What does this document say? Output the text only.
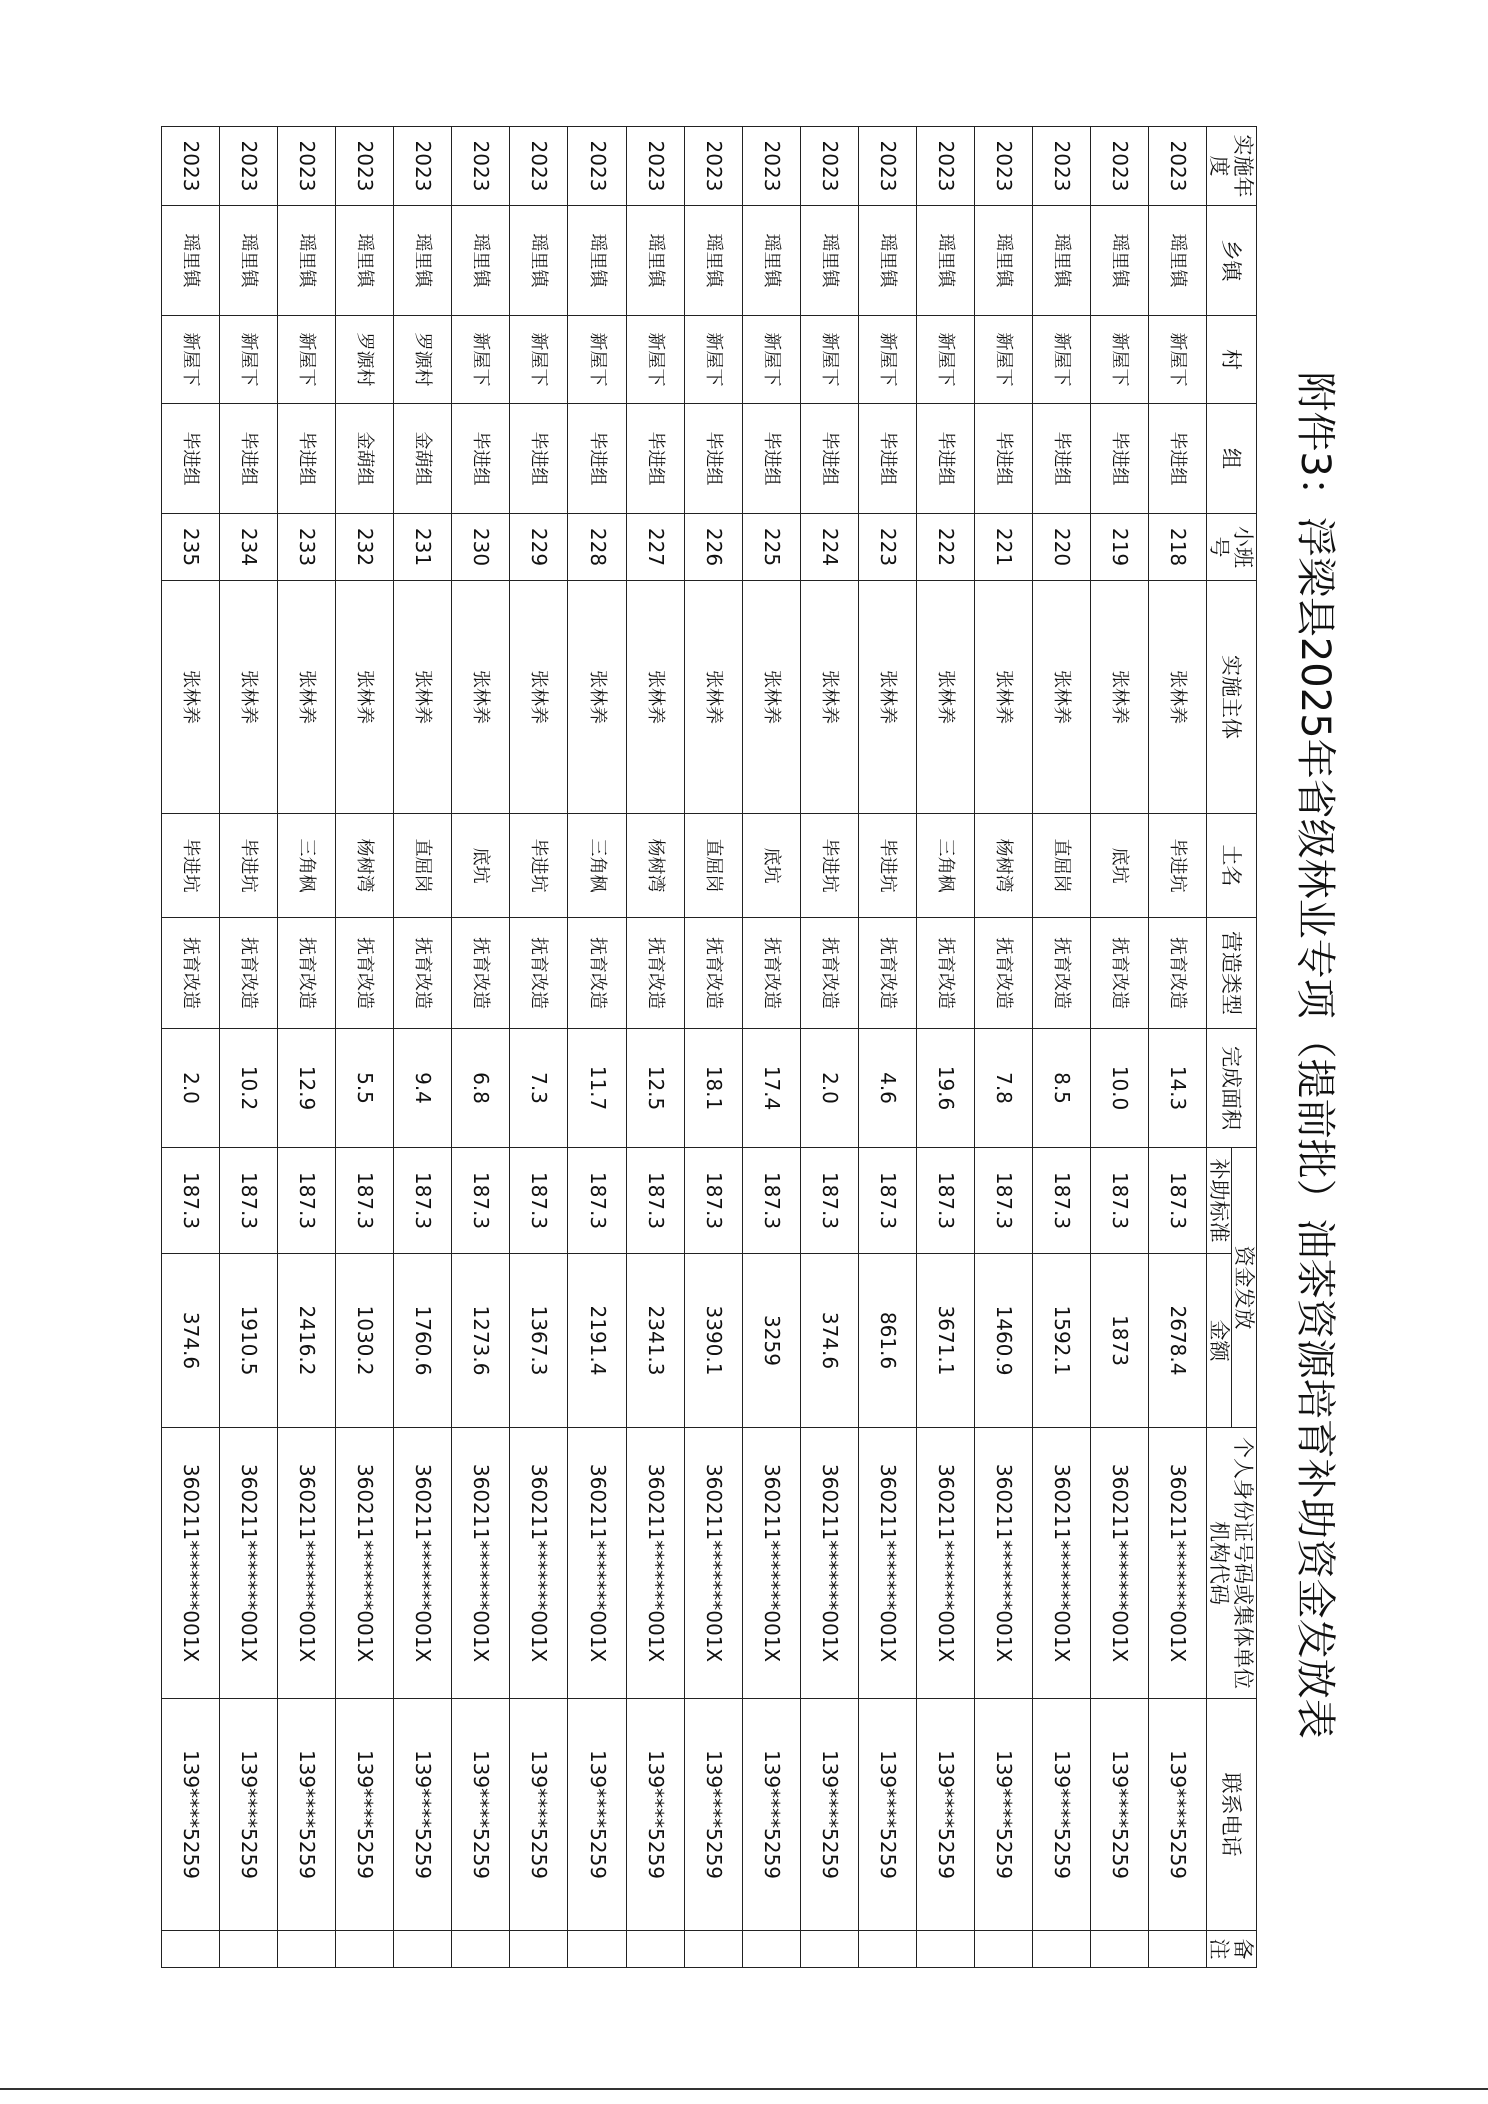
附件3：浮梁县2025年省级林业专项（提前批）油茶资源培育补助资金发放表
实施年度	乡镇	村	组	小班号	实施主体	土名	营造类型	完成面积	资金发放		个人身份证号码或集体单位机构代码	联系电话	备注
									补助标准	金额			
2023	瑶里镇	新屋下	毕进组	218	张林养	毕进坑	抚育改造	14.3	187.3	2678.4	360211*******001X	139****5259	
2023	瑶里镇	新屋下	毕进组	219	张林养	底坑	抚育改造	10.0	187.3	1873	360211*******001X	139****5259	
2023	瑶里镇	新屋下	毕进组	220	张林养	直屈岗	抚育改造	8.5	187.3	1592.1	360211*******001X	139****5259	
2023	瑶里镇	新屋下	毕进组	221	张林养	杨树湾	抚育改造	7.8	187.3	1460.9	360211*******001X	139****5259	
2023	瑶里镇	新屋下	毕进组	222	张林养	三角枫	抚育改造	19.6	187.3	3671.1	360211*******001X	139****5259	
2023	瑶里镇	新屋下	毕进组	223	张林养	毕进坑	抚育改造	4.6	187.3	861.6	360211*******001X	139****5259	
2023	瑶里镇	新屋下	毕进组	224	张林养	毕进坑	抚育改造	2.0	187.3	374.6	360211*******001X	139****5259	
2023	瑶里镇	新屋下	毕进组	225	张林养	底坑	抚育改造	17.4	187.3	3259	360211*******001X	139****5259	
2023	瑶里镇	新屋下	毕进组	226	张林养	直屈岗	抚育改造	18.1	187.3	3390.1	360211*******001X	139****5259	
2023	瑶里镇	新屋下	毕进组	227	张林养	杨树湾	抚育改造	12.5	187.3	2341.3	360211*******001X	139****5259	
2023	瑶里镇	新屋下	毕进组	228	张林养	三角枫	抚育改造	11.7	187.3	2191.4	360211*******001X	139****5259	
2023	瑶里镇	新屋下	毕进组	229	张林养	毕进坑	抚育改造	7.3	187.3	1367.3	360211*******001X	139****5259	
2023	瑶里镇	新屋下	毕进组	230	张林养	底坑	抚育改造	6.8	187.3	1273.6	360211*******001X	139****5259	
2023	瑶里镇	罗源村	金葫组	231	张林养	直屈岗	抚育改造	9.4	187.3	1760.6	360211*******001X	139****5259	
2023	瑶里镇	罗源村	金葫组	232	张林养	杨树湾	抚育改造	5.5	187.3	1030.2	360211*******001X	139****5259	
2023	瑶里镇	新屋下	毕进组	233	张林养	三角枫	抚育改造	12.9	187.3	2416.2	360211*******001X	139****5259	
2023	瑶里镇	新屋下	毕进组	234	张林养	毕进坑	抚育改造	10.2	187.3	1910.5	360211*******001X	139****5259	
2023	瑶里镇	新屋下	毕进组	235	张林养	毕进坑	抚育改造	2.0	187.3	374.6	360211*******001X	139****5259	
